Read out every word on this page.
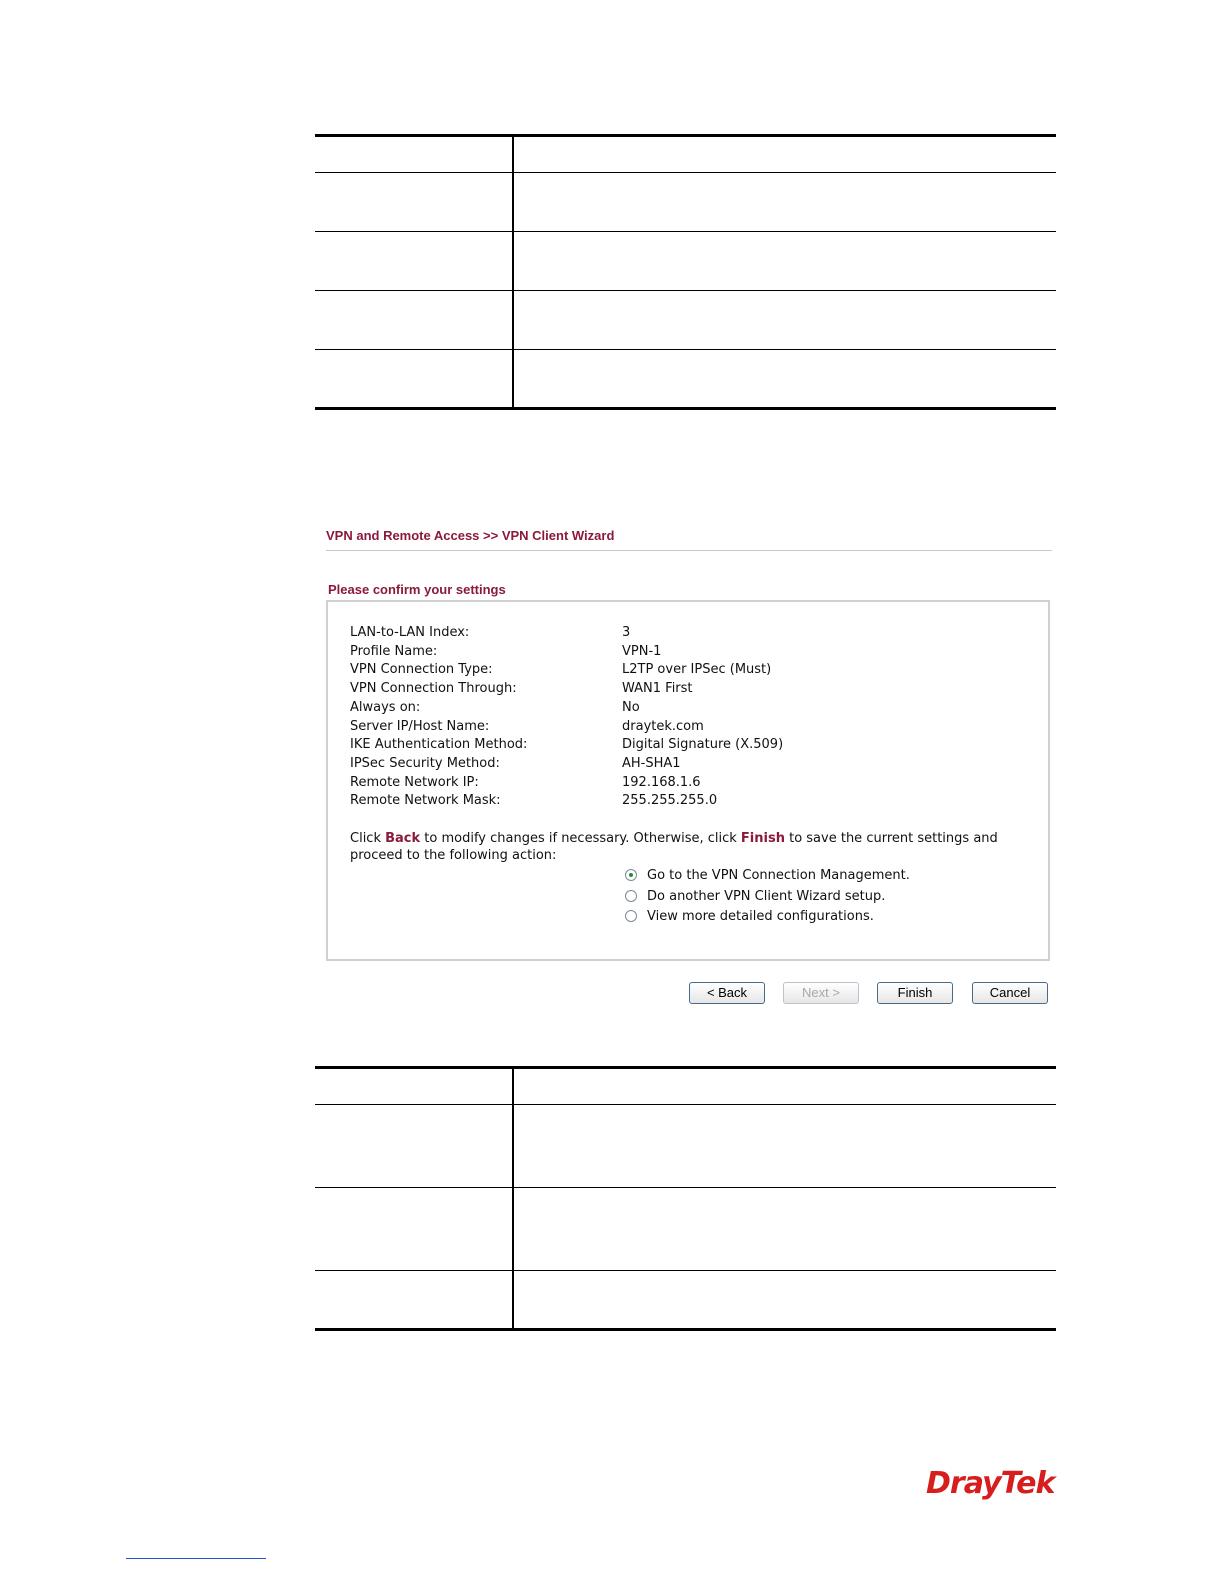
VPN and Remote Access >> VPN Client Wizard
Please confirm your settings
LAN-to-LAN Index:	3
Profile Name:	VPN-1
VPN Connection Type:	L2TP over IPSec (Must)
VPN Connection Through:	WAN1 First
Always on:	No
Server IP/Host Name:	draytek.com
IKE Authentication Method:	Digital Signature (X.509)
IPSec Security Method:	AH-SHA1
Remote Network IP:	192.168.1.6
Remote Network Mask:	255.255.255.0
Click Back to modify changes if necessary. Otherwise, click Finish to save the current settings and proceed to the following action:
Go to the VPN Connection Management.
Do another VPN Client Wizard setup.
View more detailed configurations.
< Back	Next >	Finish	Cancel

DrayTek
